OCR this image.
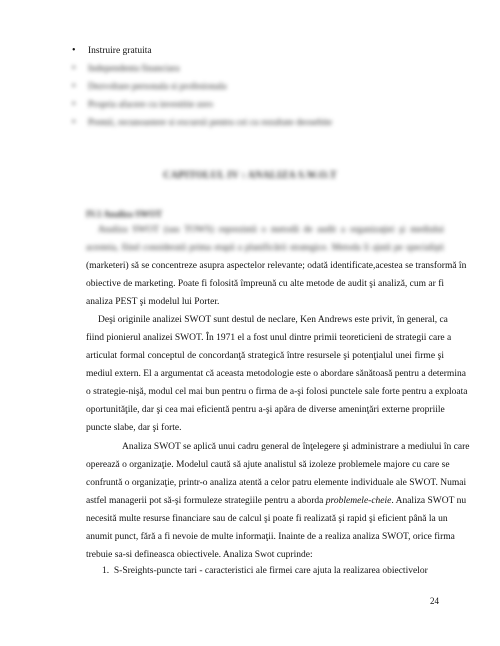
• Instruire gratuita
• Independenta financiara
• Dezvoltare personala si profesionala
• Propria afacere cu investitie zero
• Premii, recunoastere si excursii pentru cei cu rezultate deosebite
CAPITOLUL IV : ANALIZA S.W.O.T
IV.1 Analiza SWOT
Analiza SWOT (sau TOWS) reprezintă o metodă de audit a organizaţiei şi mediului
acesteia, fiind considerată prima etapă a planificării strategice. Metoda îi ajută pe specialişti
(marketeri) să se concentreze asupra aspectelor relevante; odată identificate,acestea se transformă în
obiective de marketing. Poate fi folosită împreună cu alte metode de audit şi analiză, cum ar fi
analiza PEST şi modelul lui Porter.
Deşi originile analizei SWOT sunt destul de neclare, Ken Andrews este privit, în general, ca
fiind pionierul analizei SWOT. În 1971 el a fost unul dintre primii teoreticieni de strategii care a
articulat formal conceptul de concordanţă strategică între resursele şi potenţialul unei firme şi
mediul extern. El a argumentat că aceasta metodologie este o abordare sănătoasă pentru a determina
o strategie-nişă, modul cel mai bun pentru o firma de a-şi folosi punctele sale forte pentru a exploata
oportunităţile, dar şi cea mai eficientă pentru a-şi apăra de diverse ameninţări externe propriile
puncte slabe, dar şi forte.
Analiza SWOT se aplică unui cadru general de înţelegere şi administrare a mediului în care
operează o organizaţie. Modelul caută să ajute analistul să izoleze problemele majore cu care se
confruntă o organizaţie, printr-o analiza atentă a celor patru elemente individuale ale SWOT. Numai
astfel managerii pot să-şi formuleze strategiile pentru a aborda problemele-cheie. Analiza SWOT nu
necesită multe resurse financiare sau de calcul şi poate fi realizată şi rapid şi eficient până la un
anumit punct, fără a fi nevoie de multe informaţii. Inainte de a realiza analiza SWOT, orice firma
trebuie sa-si defineasca obiectivele. Analiza Swot cuprinde:
1. S-Sreights-puncte tari - caracteristici ale firmei care ajuta la realizarea obiectivelor
24
